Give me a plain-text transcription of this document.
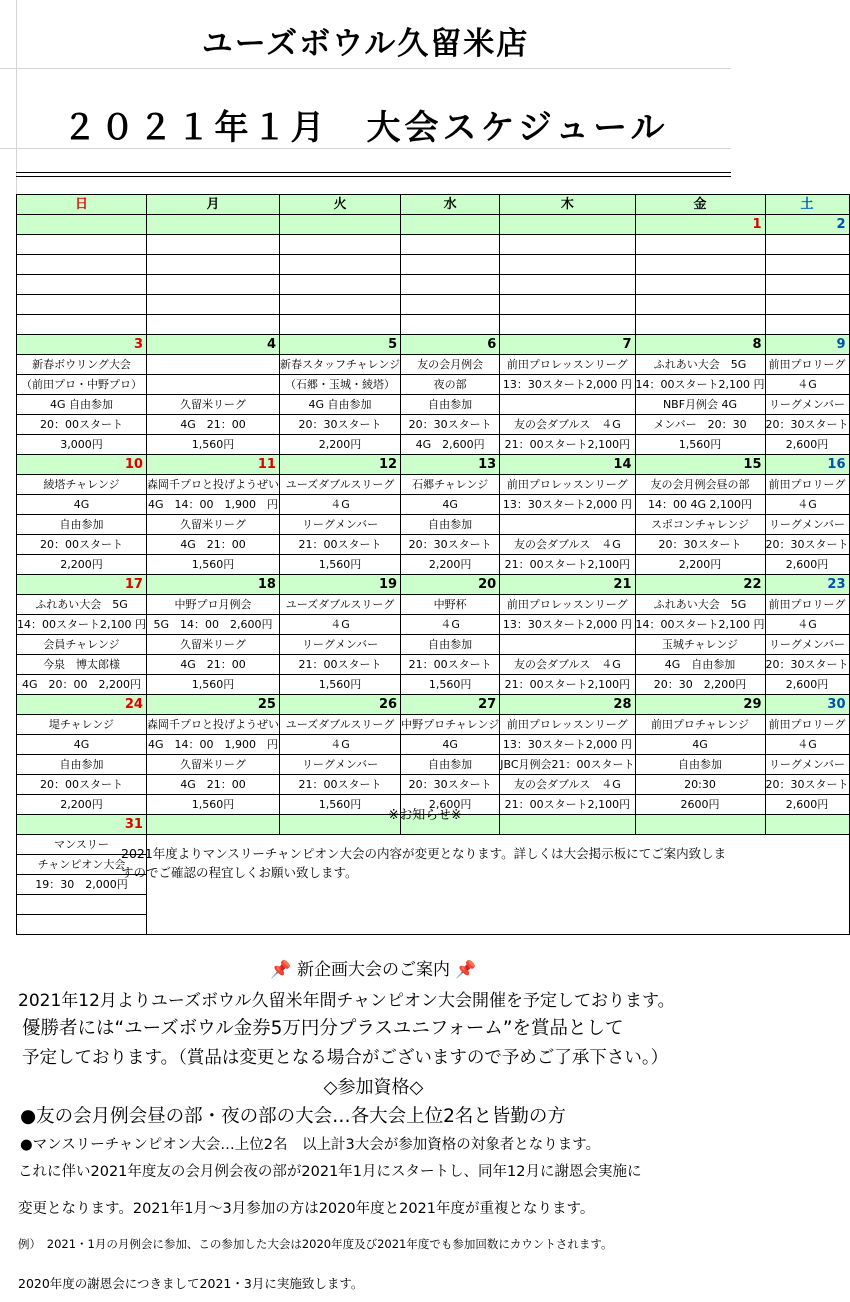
ユーズボウル久留米店
２０２１年１月　大会スケジュール
日	月	火	水	木	金	土
					1	2

3	4	5	6	7	8	9
新春ボウリング大会		新春スタッフチャレンジ	友の会月例会	前田プロレッスンリーグ	ふれあい大会　5G	前田プロリーグ
（前田プロ・中野プロ）		（石郷・玉城・綾塔）	夜の部	13：30スタート2,000 円	14：00スタート2,100 円	４G
4G 自由参加	久留米リーグ	4G 自由参加	自由参加		NBF月例会 4G	リーグメンバー
20：00スタート	4G　21：00	20：30スタート	20：30スタート	友の会ダブルス　４G	メンバー　20：30	20：30スタート
3,000円	1,560円	2,200円	4G　2,600円	21：00スタート2,100円	1,560円	2,600円
10	11	12	13	14	15	16
綾塔チャレンジ	森岡千プロと投げようぜい	ユーズダブルスリーグ	石郷チャレンジ	前田プロレッスンリーグ	友の会月例会昼の部	前田プロリーグ
4G	4G　14：00　1,900　円	４G	4G	13：30スタート2,000 円	14：00 4G 2,100円	４G
自由参加	久留米リーグ	リーグメンバー	自由参加		スポコンチャレンジ	リーグメンバー
20：00スタート	4G　21：00	21：00スタート	20：30スタート	友の会ダブルス　４G	20：30スタート	20：30スタート
2,200円	1,560円	1,560円	2,200円	21：00スタート2,100円	2,200円	2,600円
17	18	19	20	21	22	23
ふれあい大会　5G	中野プロ月例会	ユーズダブルスリーグ	中野杯	前田プロレッスンリーグ	ふれあい大会　5G	前田プロリーグ
14：00スタート2,100 円	5G　14：00　2,600円	４G	４G	13：30スタート2,000 円	14：00スタート2,100 円	４G
会員チャレンジ	久留米リーグ	リーグメンバー	自由参加		玉城チャレンジ	リーグメンバー
今泉　博太郎様	4G　21：00	21：00スタート	21：00スタート	友の会ダブルス　４G	4G　自由参加	20：30スタート
4G　20：00　2,200円	1,560円	1,560円	1,560円	21：00スタート2,100円	20：30　2,200円	2,600円
24	25	26	27	28	29	30
堤チャレンジ	森岡千プロと投げようぜい	ユーズダブルスリーグ	中野プロチャレンジ	前田プロレッスンリーグ	前田プロチャレンジ	前田プロリーグ
4G	4G　14：00　1,900　円	４G	4G	13：30スタート2,000 円	4G	４G
自由参加	久留米リーグ	リーグメンバー	自由参加	JBC月例会21：00スタート	自由参加	リーグメンバー
20：00スタート	4G　21：00	21：00スタート	20：30スタート	友の会ダブルス　４G	20:30	20：30スタート
2,200円	1,560円	1,560円	2,600円	21：00スタート2,100円	2600円	2,600円
31						
マンスリー						
チャンピオン大会						
19：30　2,000円						

📌 新企画大会のご案内 📌
2021年12月よりユーズボウル久留米年間チャンピオン大会開催を予定しております。
優勝者には“ユーズボウル金券5万円分プラスユニフォーム”を賞品として
予定しております。（賞品は変更となる場合がございますので予めご了承下さい。）
◇参加資格◇
●友の会月例会昼の部・夜の部の大会…各大会上位2名と皆勤の方
●マンスリーチャンピオン大会…上位2名　以上計3大会が参加資格の対象者となります。
これに伴い2021年度友の会月例会夜の部が2021年1月にスタートし、同年12月に謝恩会実施に
変更となります。2021年1月～3月参加の方は2020年度と2021年度が重複となります。
例）　2021・1月の月例会に参加、この参加した大会は2020年度及び2021年度でも参加回数にカウントされます。
2020年度の謝恩会につきまして2021・3月に実施致します。
※お知らせ※
2021年度よりマンスリーチャンピオン大会の内容が変更となります。詳しくは大会掲示板にてご案内致しますのでご確認の程宜しくお願い致します。
